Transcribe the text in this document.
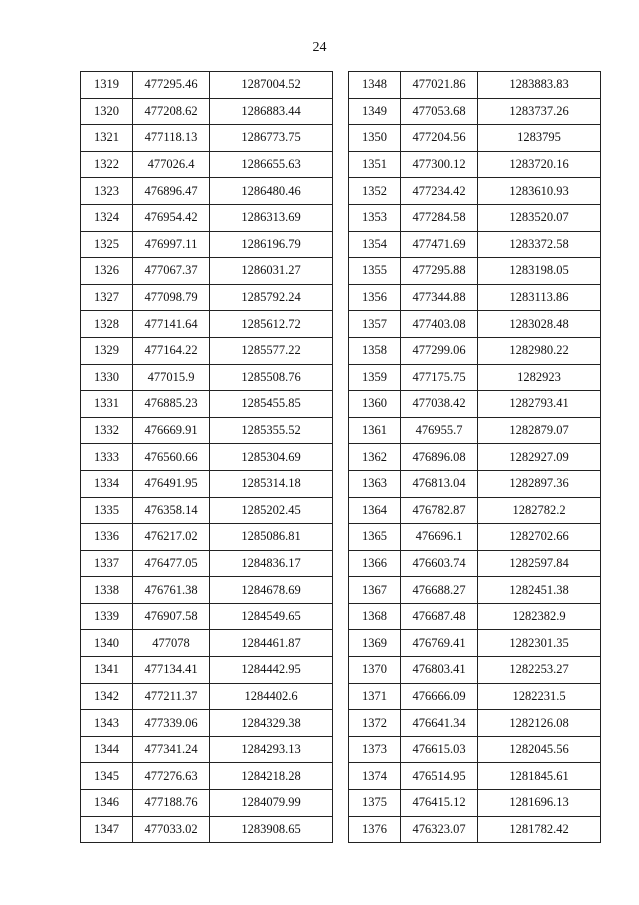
24
1319	477295.46	1287004.52
1320	477208.62	1286883.44
1321	477118.13	1286773.75
1322	477026.4	1286655.63
1323	476896.47	1286480.46
1324	476954.42	1286313.69
1325	476997.11	1286196.79
1326	477067.37	1286031.27
1327	477098.79	1285792.24
1328	477141.64	1285612.72
1329	477164.22	1285577.22
1330	477015.9	1285508.76
1331	476885.23	1285455.85
1332	476669.91	1285355.52
1333	476560.66	1285304.69
1334	476491.95	1285314.18
1335	476358.14	1285202.45
1336	476217.02	1285086.81
1337	476477.05	1284836.17
1338	476761.38	1284678.69
1339	476907.58	1284549.65
1340	477078	1284461.87
1341	477134.41	1284442.95
1342	477211.37	1284402.6
1343	477339.06	1284329.38
1344	477341.24	1284293.13
1345	477276.63	1284218.28
1346	477188.76	1284079.99
1347	477033.02	1283908.65
1348	477021.86	1283883.83
1349	477053.68	1283737.26
1350	477204.56	1283795
1351	477300.12	1283720.16
1352	477234.42	1283610.93
1353	477284.58	1283520.07
1354	477471.69	1283372.58
1355	477295.88	1283198.05
1356	477344.88	1283113.86
1357	477403.08	1283028.48
1358	477299.06	1282980.22
1359	477175.75	1282923
1360	477038.42	1282793.41
1361	476955.7	1282879.07
1362	476896.08	1282927.09
1363	476813.04	1282897.36
1364	476782.87	1282782.2
1365	476696.1	1282702.66
1366	476603.74	1282597.84
1367	476688.27	1282451.38
1368	476687.48	1282382.9
1369	476769.41	1282301.35
1370	476803.41	1282253.27
1371	476666.09	1282231.5
1372	476641.34	1282126.08
1373	476615.03	1282045.56
1374	476514.95	1281845.61
1375	476415.12	1281696.13
1376	476323.07	1281782.42
